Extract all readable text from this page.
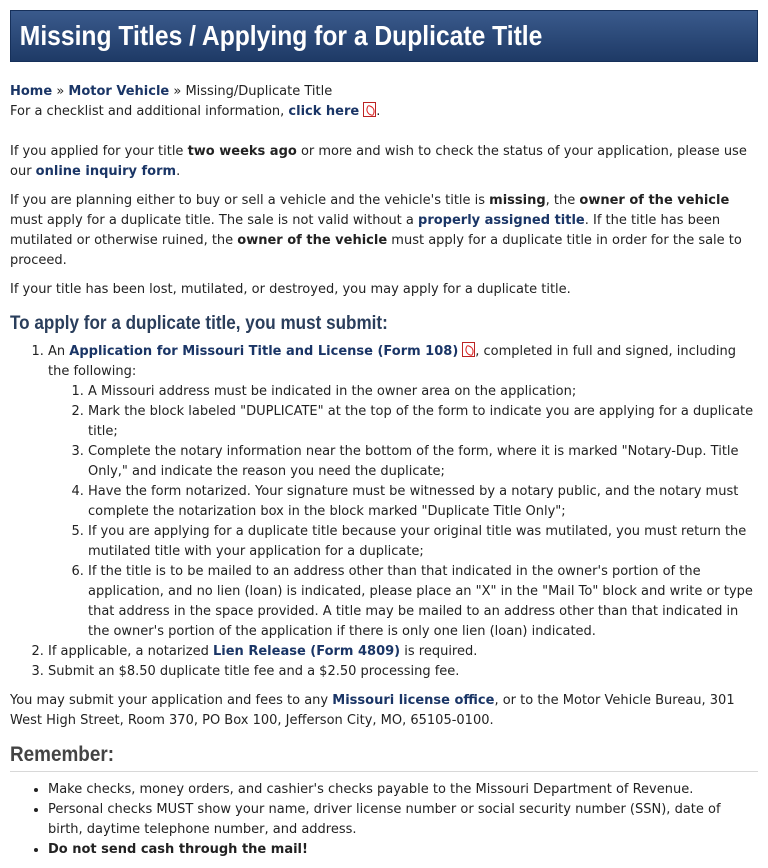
Missing Titles / Applying for a Duplicate Title

Home » Motor Vehicle » Missing/Duplicate Title

For a checklist and additional information, click here .

If you applied for your title two weeks ago or more and wish to check the status of your application, please use our online inquiry form.

If you are planning either to buy or sell a vehicle and the vehicle's title is missing, the owner of the vehicle must apply for a duplicate title. The sale is not valid without a properly assigned title. If the title has been mutilated or otherwise ruined, the owner of the vehicle must apply for a duplicate title in order for the sale to proceed.

If your title has been lost, mutilated, or destroyed, you may apply for a duplicate title.

To apply for a duplicate title, you must submit:
1. An Application for Missouri Title and License (Form 108) , completed in full and signed, including the following:
1. A Missouri address must be indicated in the owner area on the application;
2. Mark the block labeled "DUPLICATE" at the top of the form to indicate you are applying for a duplicate title;
3. Complete the notary information near the bottom of the form, where it is marked "Notary-Dup. Title Only," and indicate the reason you need the duplicate;
4. Have the form notarized. Your signature must be witnessed by a notary public, and the notary must complete the notarization box in the block marked "Duplicate Title Only";
5. If you are applying for a duplicate title because your original title was mutilated, you must return the mutilated title with your application for a duplicate;
6. If the title is to be mailed to an address other than that indicated in the owner's portion of the application, and no lien (loan) is indicated, please place an "X" in the "Mail To" block and write or type that address in the space provided. A title may be mailed to an address other than that indicated in the owner's portion of the application if there is only one lien (loan) indicated.
2. If applicable, a notarized Lien Release (Form 4809) is required.
3. Submit an $8.50 duplicate title fee and a $2.50 processing fee.

You may submit your application and fees to any Missouri license office, or to the Motor Vehicle Bureau, 301 West High Street, Room 370, PO Box 100, Jefferson City, MO, 65105-0100.

Remember:
• Make checks, money orders, and cashier's checks payable to the Missouri Department of Revenue.
• Personal checks MUST show your name, driver license number or social security number (SSN), date of birth, daytime telephone number, and address.
• Do not send cash through the mail!
